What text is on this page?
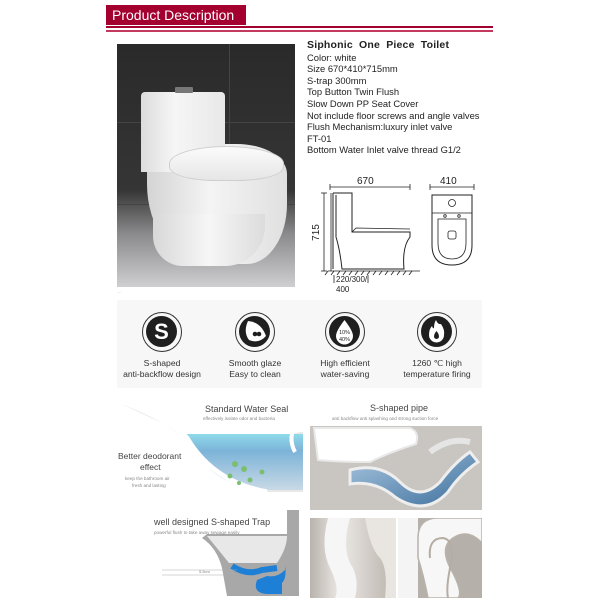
Product Description
...
Siphonic One Piece Toilet
Color: white
Size 670*410*715mm
S-trap 300mm
Top Button Twin Flush
Slow Down PP Seat Cover
Not include floor screws and angle valves
Flush Mechanism:luxury inlet valve
FT-01
Bottom Water Inlet valve thread G1/2
670	410
715
220/300/
400
S
S-shaped
anti-backflow design
Smooth glaze
Easy to clean
10%
40%
High efficient
water-saving
1260 ℃ high
temperature firing
Standard Water Seal
effectively isolate odor and bacteria
Better deodorant
effect
keep the bathroom air
fresh and lasting
S-shaped pipe
anti backflow anti splashing and strong suction force
well designed S-shaped Trap
powerful flush to take away sewage easily
5.5cm
